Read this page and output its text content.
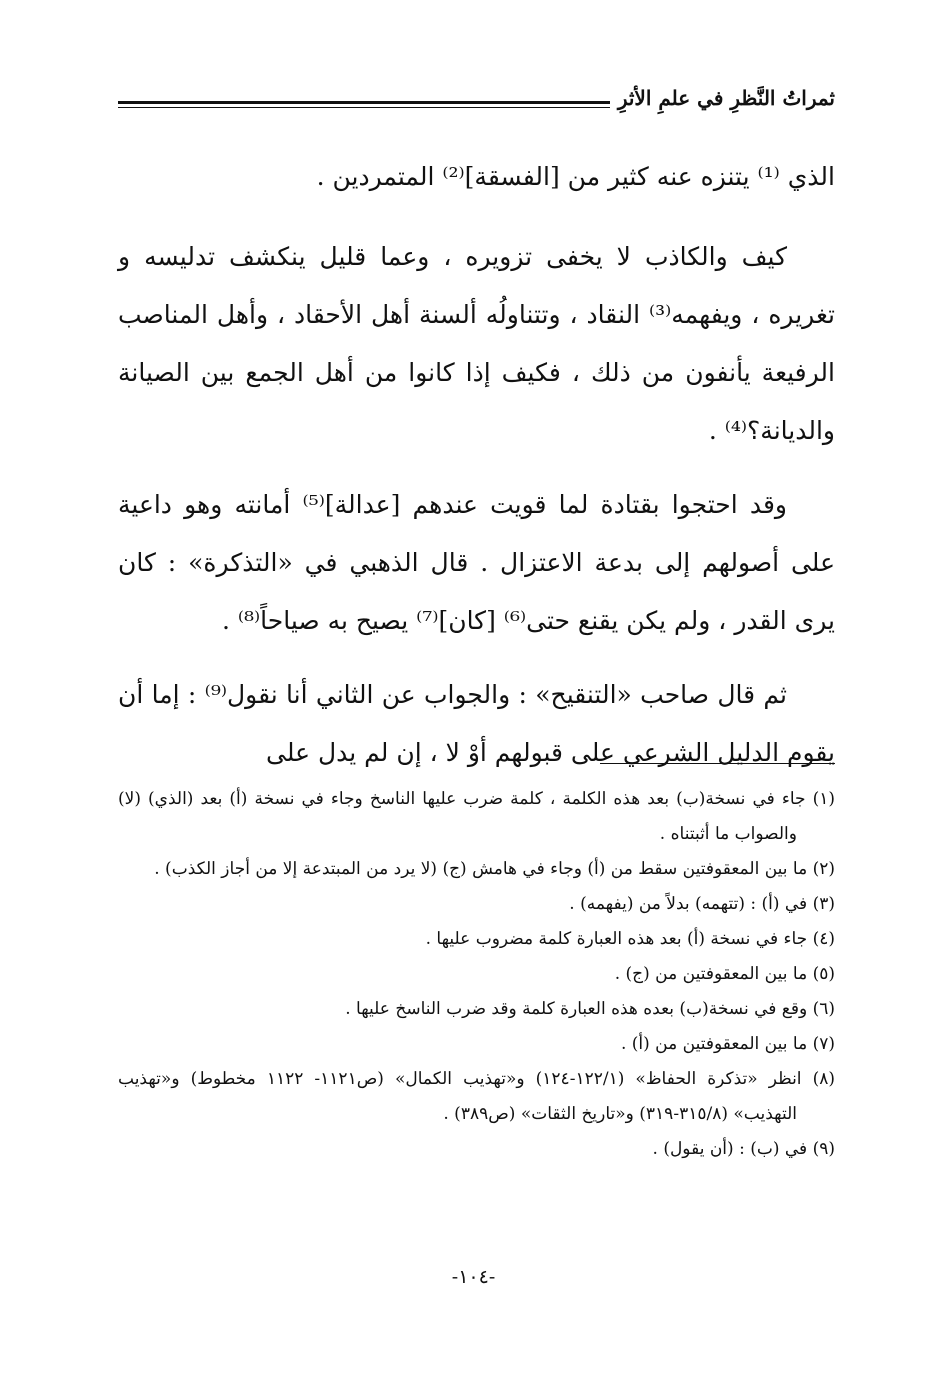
ثمراتُ النَّظرِ في علمِ الأثرِ

الذي ⁽¹⁾ يتنزه عنه كثير من [الفسقة]⁽²⁾ المتمردين .

كيف والكاذب لا يخفى تزويره ، وعما قليل ينكشف تدليسه و تغريره ، ويفهمه⁽³⁾ النقاد ، وتتناولُه ألسنة أهل الأحقاد ، وأهل المناصب الرفيعة يأنفون من ذلك ، فكيف إذا كانوا من أهل الجمع بين الصيانة والديانة؟⁽⁴⁾ .

وقد احتجوا بقتادة لما قويت عندهم [عدالة]⁽⁵⁾ أمانته وهو داعية على أصولهم إلى بدعة الاعتزال . قال الذهبي في «التذكرة» : كان يرى القدر ، ولم يكن يقنع حتى⁽⁶⁾ [كان]⁽⁷⁾ يصيح به صياحاً⁽⁸⁾ .

ثم قال صاحب «التنقيح» : والجواب عن الثاني أنا نقول⁽⁹⁾ : إما أن يقوم الدليل الشرعي على قبولهم أوْ لا ، إن لم يدل على

(١) جاء في نسخة(ب) بعد هذه الكلمة ، كلمة ضرب عليها الناسخ وجاء في نسخة (أ) بعد (الذي) (لا) والصواب ما أثبتناه .

(٢) ما بين المعقوفتين سقط من (أ) وجاء في هامش (ج) (لا يرد من المبتدعة إلا من أجاز الكذب) .

(٣) في (أ) : (تتهمه) بدلاً من (يفهمه) .

(٤) جاء في نسخة (أ) بعد هذه العبارة كلمة مضروب عليها .

(٥) ما بين المعقوفتين من (ج) .

(٦) وقع في نسخة(ب) بعده هذه العبارة كلمة وقد ضرب الناسخ عليها .

(٧) ما بين المعقوفتين من (أ) .

(٨) انظر «تذكرة الحفاظ» (١٢٢/١-١٢٤) و«تهذيب الكمال» (ص١١٢١- ١١٢٢ مخطوط) و«تهذيب التهذيب» (٣١٥/٨-٣١٩) و«تاريخ الثقات» (ص٣٨٩) .

(٩) في (ب) : (أن يقول) .

-١٠٤-
